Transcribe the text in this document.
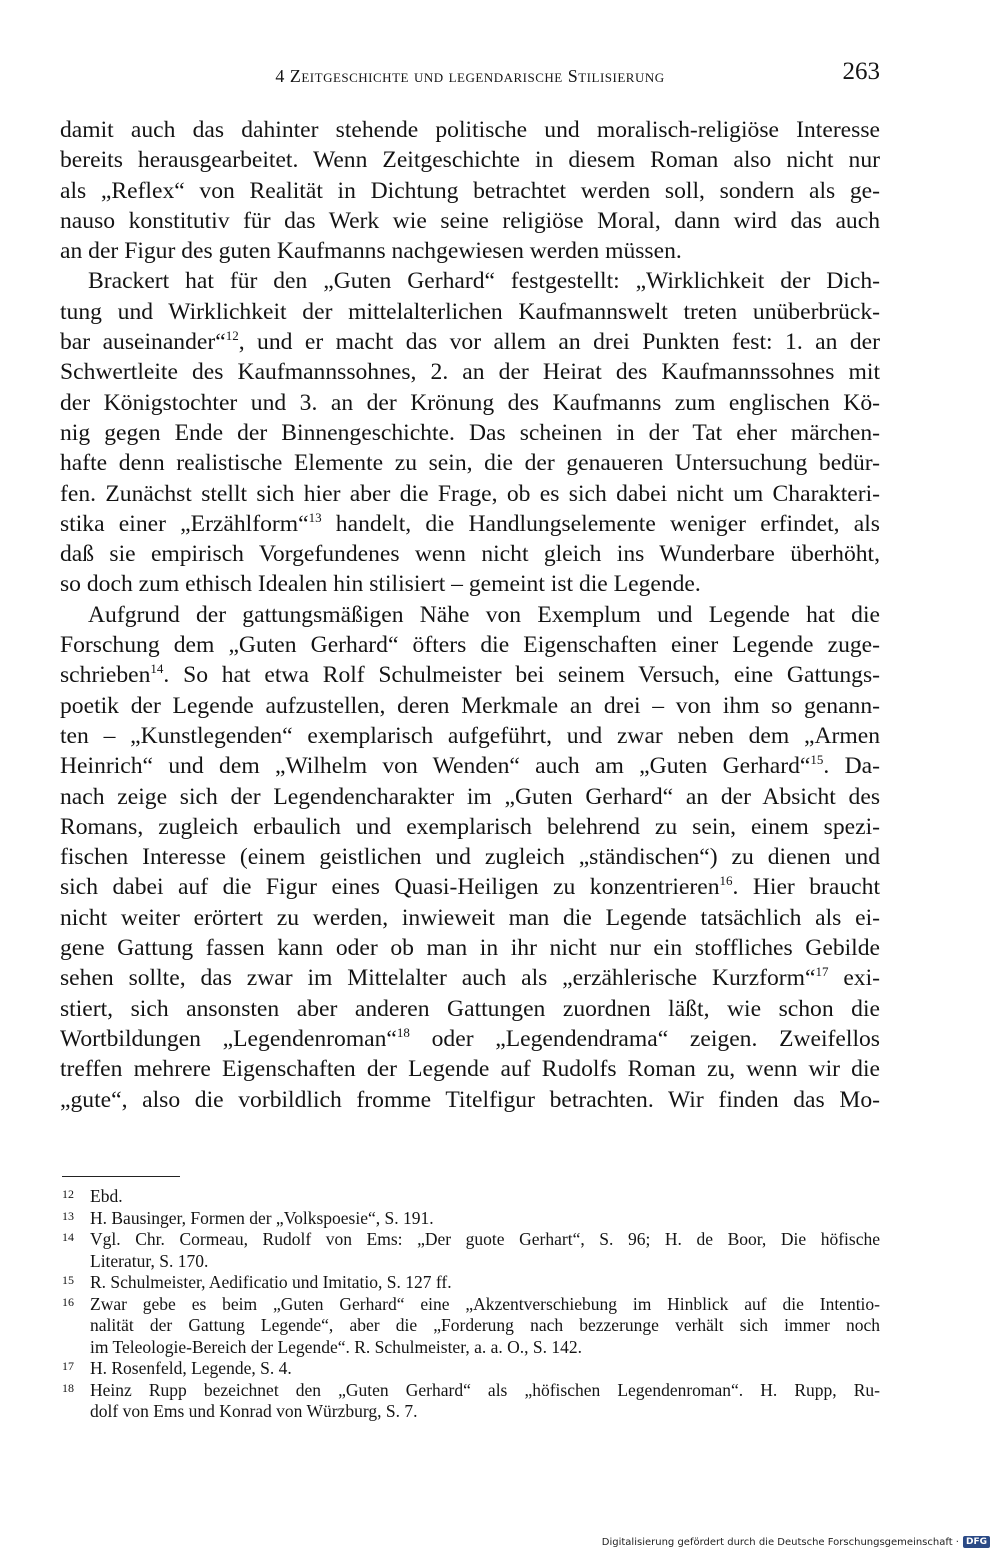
4 Zeitgeschichte und legendarische Stilisierung	263
damit auch das dahinter stehende politische und moralisch-religiöse Interesse
bereits herausgearbeitet. Wenn Zeitgeschichte in diesem Roman also nicht nur
als „Reflex“ von Realität in Dichtung betrachtet werden soll, sondern als ge-
nauso konstitutiv für das Werk wie seine religiöse Moral, dann wird das auch
an der Figur des guten Kaufmanns nachgewiesen werden müssen.
Brackert hat für den „Guten Gerhard“ festgestellt: „Wirklichkeit der Dich-
tung und Wirklichkeit der mittelalterlichen Kaufmannswelt treten unüberbrück-
bar auseinander“$^{12}$, und er macht das vor allem an drei Punkten fest: 1. an der
Schwertleite des Kaufmannssohnes, 2. an der Heirat des Kaufmannssohnes mit
der Königstochter und 3. an der Krönung des Kaufmanns zum englischen Kö-
nig gegen Ende der Binnengeschichte. Das scheinen in der Tat eher märchen-
hafte denn realistische Elemente zu sein, die der genaueren Untersuchung bedür-
fen. Zunächst stellt sich hier aber die Frage, ob es sich dabei nicht um Charakteri-
stika einer „Erzählform“$^{13}$ handelt, die Handlungselemente weniger erfindet, als
daß sie empirisch Vorgefundenes wenn nicht gleich ins Wunderbare überhöht,
so doch zum ethisch Idealen hin stilisiert – gemeint ist die Legende.
Aufgrund der gattungsmäßigen Nähe von Exemplum und Legende hat die
Forschung dem „Guten Gerhard“ öfters die Eigenschaften einer Legende zuge-
schrieben$^{14}$. So hat etwa Rolf Schulmeister bei seinem Versuch, eine Gattungs-
poetik der Legende aufzustellen, deren Merkmale an drei – von ihm so genann-
ten – „Kunstlegenden“ exemplarisch aufgeführt, und zwar neben dem „Armen
Heinrich“ und dem „Wilhelm von Wenden“ auch am „Guten Gerhard“$^{15}$. Da-
nach zeige sich der Legendencharakter im „Guten Gerhard“ an der Absicht des
Romans, zugleich erbaulich und exemplarisch belehrend zu sein, einem spezi-
fischen Interesse (einem geistlichen und zugleich „ständischen“) zu dienen und
sich dabei auf die Figur eines Quasi-Heiligen zu konzentrieren$^{16}$. Hier braucht
nicht weiter erörtert zu werden, inwieweit man die Legende tatsächlich als ei-
gene Gattung fassen kann oder ob man in ihr nicht nur ein stoffliches Gebilde
sehen sollte, das zwar im Mittelalter auch als „erzählerische Kurzform“$^{17}$ exi-
stiert, sich ansonsten aber anderen Gattungen zuordnen läßt, wie schon die
Wortbildungen „Legendenroman“$^{18}$ oder „Legendendrama“ zeigen. Zweifellos
treffen mehrere Eigenschaften der Legende auf Rudolfs Roman zu, wenn wir die
„gute“, also die vorbildlich fromme Titelfigur betrachten. Wir finden das Mo-
12 Ebd.
13 H. Bausinger, Formen der „Volkspoesie“, S. 191.
14 Vgl. Chr. Cormeau, Rudolf von Ems: „Der guote Gerhart“, S. 96; H. de Boor, Die höfische
Literatur, S. 170.
15 R. Schulmeister, Aedificatio und Imitatio, S. 127 ff.
16 Zwar gebe es beim „Guten Gerhard“ eine „Akzentverschiebung im Hinblick auf die Intentio-
nalität der Gattung Legende“, aber die „Forderung nach bezzerunge verhält sich immer noch
im Teleologie-Bereich der Legende“. R. Schulmeister, a. a. O., S. 142.
17 H. Rosenfeld, Legende, S. 4.
18 Heinz Rupp bezeichnet den „Guten Gerhard“ als „höfischen Legendenroman“. H. Rupp, Ru-
dolf von Ems und Konrad von Würzburg, S. 7.
Digitalisierung gefördert durch die Deutsche Forschungsgemeinschaft · DFG
